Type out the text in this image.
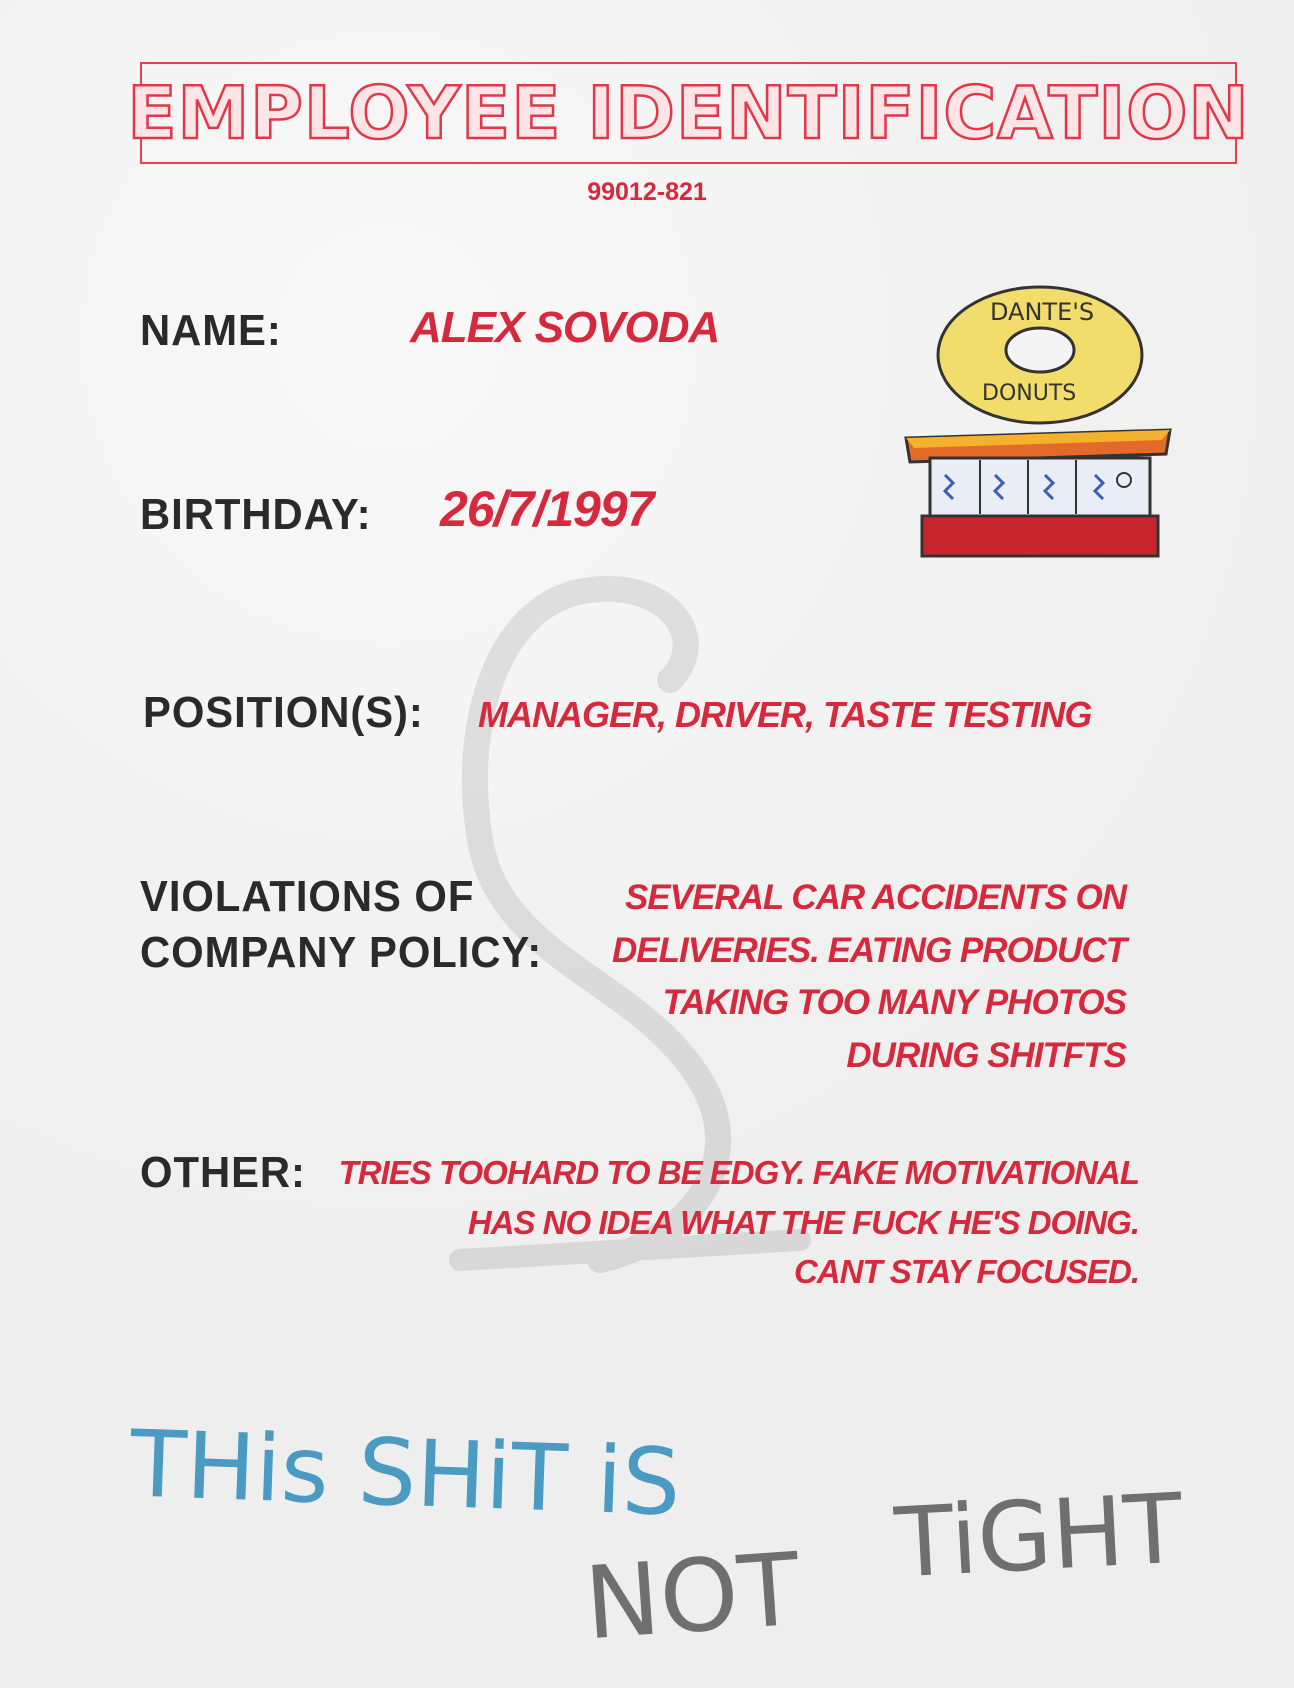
EMPLOYEE IDENTIFICATION
99012-821
DANTE'S
DONUTS
NAME:	ALEX SOVODA
BIRTHDAY: 26/7/1997
POSITION(S): MANAGER, DRIVER, TASTE TESTING
VIOLATIONS OF
COMPANY POLICY:
SEVERAL CAR ACCIDENTS ON
DELIVERIES. EATING PRODUCT
TAKING TOO MANY PHOTOS
DURING SHITFTS
OTHER: TRIES TOOHARD TO BE EDGY. FAKE MOTIVATIONAL
HAS NO IDEA WHAT THE FUCK HE'S DOING.
CANT STAY FOCUSED.
THis SHiT iS
NOT TiGHT
